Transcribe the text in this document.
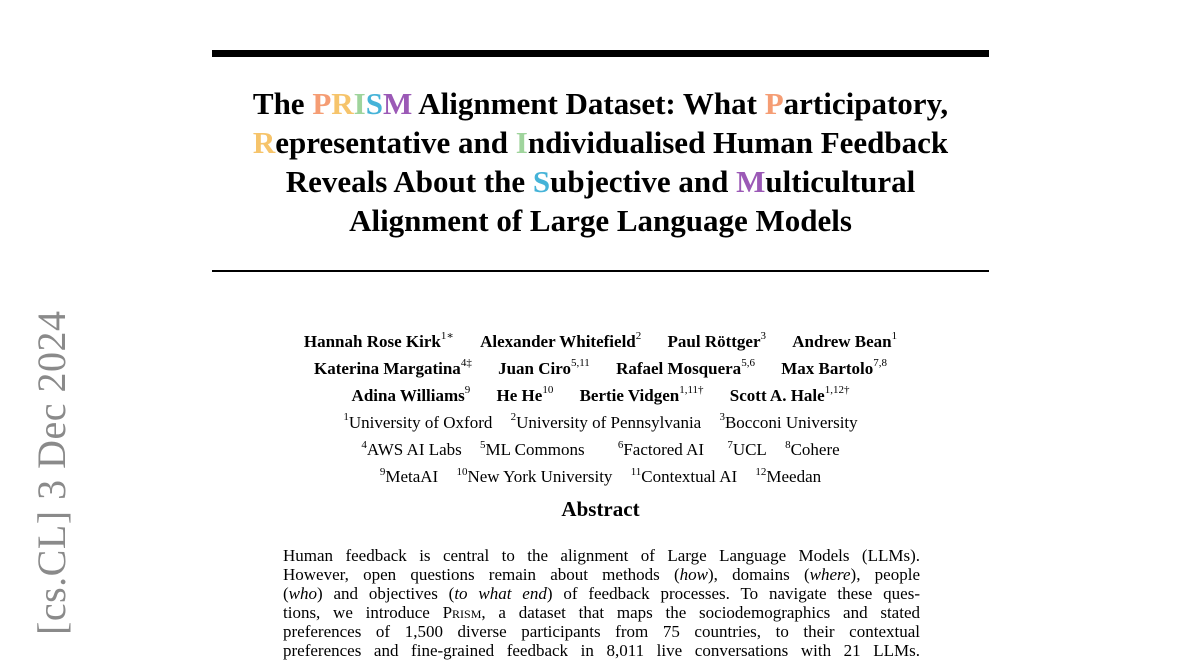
[cs.CL] 3 Dec 2024
The PRISM Alignment Dataset: What Participatory,
Representative and Individualised Human Feedback
Reveals About the Subjective and Multicultural
Alignment of Large Language Models
Hannah Rose Kirk$^{1∗}$ Alexander Whitefield$^2$ Paul Röttger$^3$ Andrew Bean$^1$
Katerina Margatina$^{4\ddagger}$ Juan Ciro$^{5,11}$ Rafael Mosquera$^{5,6}$ Max Bartolo$^{7,8}$
Adina Williams$^9$ He He$^{10}$ Bertie Vidgen$^{1,11\dagger}$ Scott A. Hale$^{1,12\dagger}$
$^1$University of Oxford $^2$University of Pennsylvania $^3$Bocconi University
$^4$AWS AI Labs $^5$ML Commons	$^6$Factored AI $^7$UCL $^8$Cohere
$^9$MetaAI $^{10}$New York University $^{11}$Contextual AI $^{12}$Meedan
Abstract
Human feedback is central to the alignment of Large Language Models (LLMs).
However, open questions remain about methods (how), domains (where), people
(who) and objectives (to what end) of feedback processes. To navigate these ques-
tions, we introduce Prism, a dataset that maps the sociodemographics and stated
preferences of 1,500 diverse participants from 75 countries, to their contextual
preferences and fine-grained feedback in 8,011 live conversations with 21 LLMs.
